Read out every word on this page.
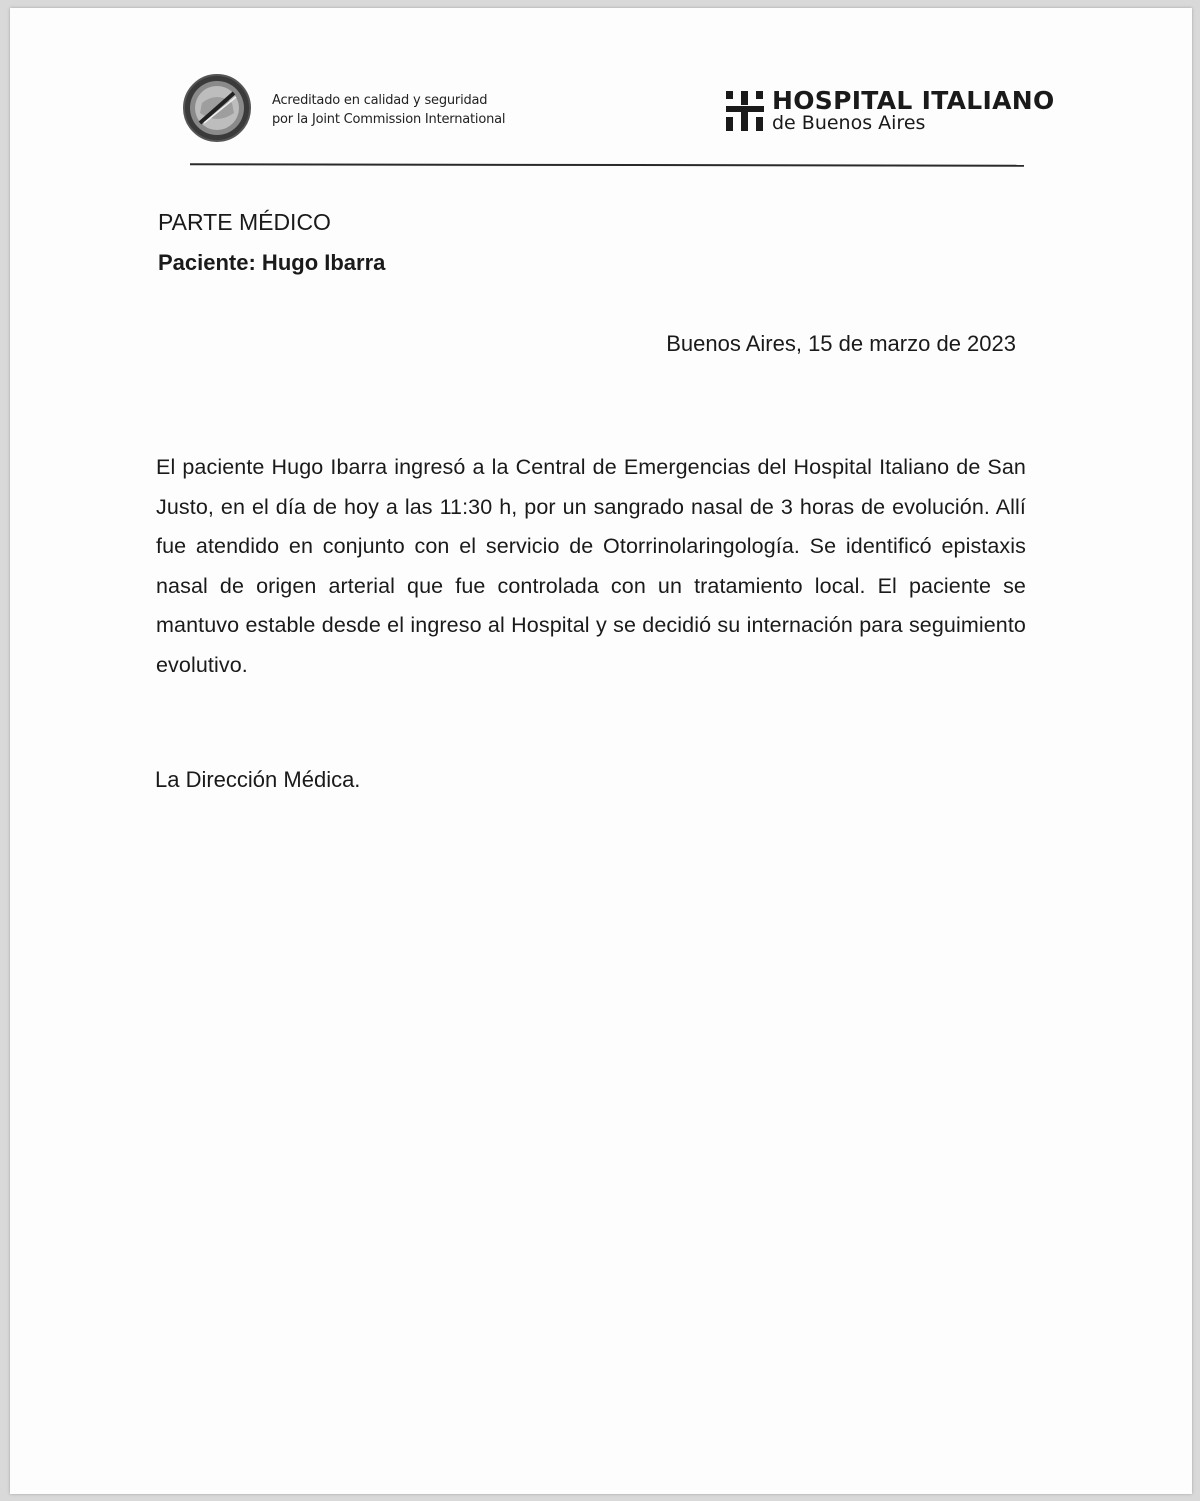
Acreditado en calidad y seguridad
por la Joint Commission International
HOSPITAL ITALIANO
de Buenos Aires
PARTE MÉDICO
Paciente: Hugo Ibarra
Buenos Aires, 15 de marzo de 2023
El paciente Hugo Ibarra ingresó a la Central de Emergencias del Hospital Italiano de San Justo, en el día de hoy a las 11:30 h, por un sangrado nasal de 3 horas de evolución. Allí fue atendido en conjunto con el servicio de Otorrinolaringología. Se identificó epistaxis nasal de origen arterial que fue controlada con un tratamiento local. El paciente se mantuvo estable desde el ingreso al Hospital y se decidió su internación para seguimiento evolutivo.
La Dirección Médica.
